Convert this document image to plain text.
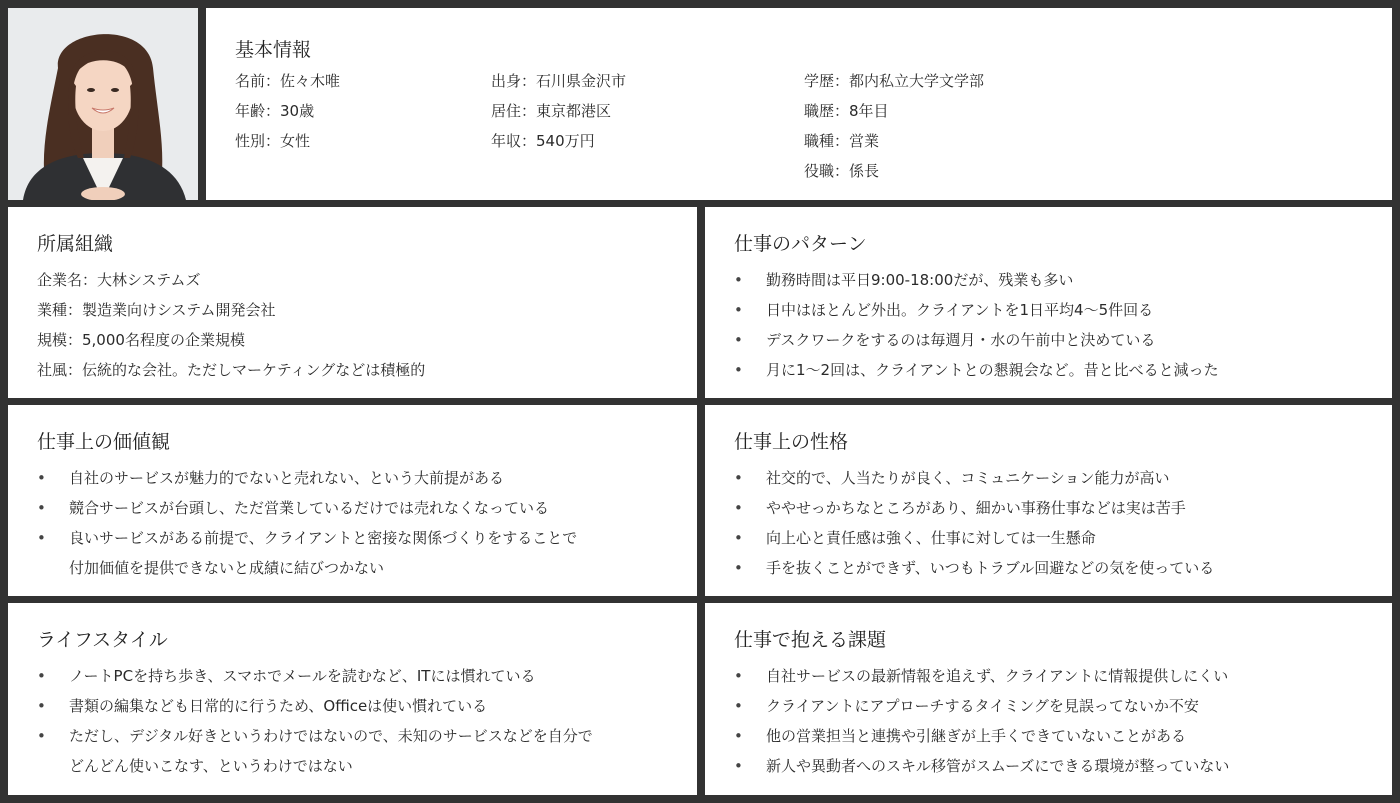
基本情報
名前：佐々木唯
年齢：30歳
性別：女性
出身：石川県金沢市
居住：東京都港区
年収：540万円
学歴：都内私立大学文学部
職歴：8年目
職種：営業
役職：係長
所属組織
企業名：大林システムズ
業種：製造業向けシステム開発会社
規模：5,000名程度の企業規模
社風：伝統的な会社。ただしマーケティングなどは積極的
仕事のパターン
• 勤務時間は平日9:00-18:00だが、残業も多い
• 日中はほとんど外出。クライアントを1日平均4〜5件回る
• デスクワークをするのは毎週月・水の午前中と決めている
• 月に1〜2回は、クライアントとの懇親会など。昔と比べると減った
仕事上の価値観
• 自社のサービスが魅力的でないと売れない、という大前提がある
• 競合サービスが台頭し、ただ営業しているだけでは売れなくなっている
• 良いサービスがある前提で、クライアントと密接な関係づくりをすることで
付加価値を提供できないと成績に結びつかない
仕事上の性格
• 社交的で、人当たりが良く、コミュニケーション能力が高い
• ややせっかちなところがあり、細かい事務仕事などは実は苦手
• 向上心と責任感は強く、仕事に対しては一生懸命
• 手を抜くことができず、いつもトラブル回避などの気を使っている
ライフスタイル
• ノートPCを持ち歩き、スマホでメールを読むなど、ITには慣れている
• 書類の編集なども日常的に行うため、Officeは使い慣れている
• ただし、デジタル好きというわけではないので、未知のサービスなどを自分で
どんどん使いこなす、というわけではない
仕事で抱える課題
• 自社サービスの最新情報を追えず、クライアントに情報提供しにくい
• クライアントにアプローチするタイミングを見誤ってないか不安
• 他の営業担当と連携や引継ぎが上手くできていないことがある
• 新人や異動者へのスキル移管がスムーズにできる環境が整っていない
